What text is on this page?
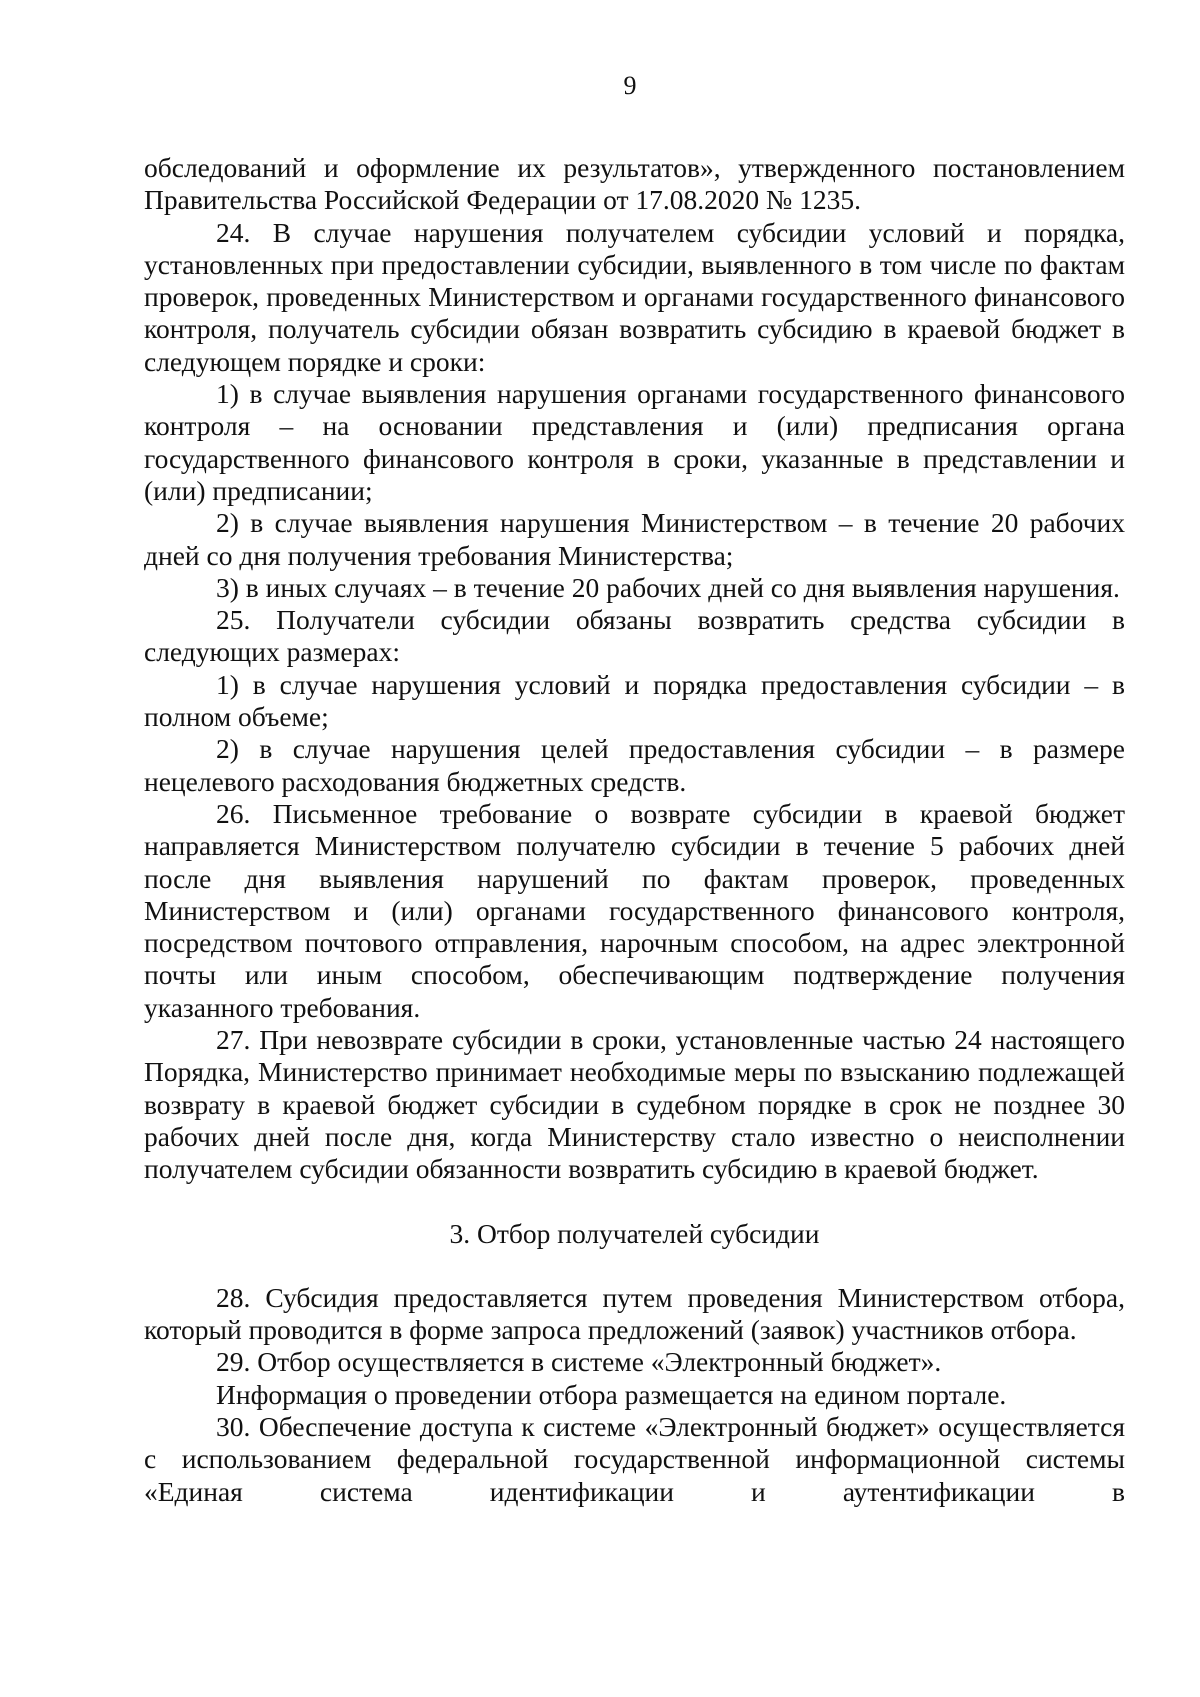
9

обследований и оформление их результатов», утвержденного постановлением Правительства Российской Федерации от 17.08.2020 № 1235.

24. В случае нарушения получателем субсидии условий и порядка, установленных при предоставлении субсидии, выявленного в том числе по фактам проверок, проведенных Министерством и органами государственного финансового контроля, получатель субсидии обязан возвратить субсидию в краевой бюджет в следующем порядке и сроки:

1) в случае выявления нарушения органами государственного финансового контроля – на основании представления и (или) предписания органа государственного финансового контроля в сроки, указанные в представлении и (или) предписании;

2) в случае выявления нарушения Министерством – в течение 20 рабочих дней со дня получения требования Министерства;

3) в иных случаях – в течение 20 рабочих дней со дня выявления нарушения.

25. Получатели субсидии обязаны возвратить средства субсидии в следующих размерах:

1) в случае нарушения условий и порядка предоставления субсидии – в полном объеме;

2) в случае нарушения целей предоставления субсидии – в размере нецелевого расходования бюджетных средств.

26. Письменное требование о возврате субсидии в краевой бюджет направляется Министерством получателю субсидии в течение 5 рабочих дней после дня выявления нарушений по фактам проверок, проведенных Министерством и (или) органами государственного финансового контроля, посредством почтового отправления, нарочным способом, на адрес электронной почты или иным способом, обеспечивающим подтверждение получения указанного требования.

27. При невозврате субсидии в сроки, установленные частью 24 настоящего Порядка, Министерство принимает необходимые меры по взысканию подлежащей возврату в краевой бюджет субсидии в судебном порядке в срок не позднее 30 рабочих дней после дня, когда Министерству стало известно о неисполнении получателем субсидии обязанности возвратить субсидию в краевой бюджет.

3. Отбор получателей субсидии

28. Субсидия предоставляется путем проведения Министерством отбора, который проводится в форме запроса предложений (заявок) участников отбора.

29. Отбор осуществляется в системе «Электронный бюджет».

Информация о проведении отбора размещается на едином портале.

30. Обеспечение доступа к системе «Электронный бюджет» осуществляется с использованием федеральной государственной информационной системы «Единая система идентификации и аутентификации в
